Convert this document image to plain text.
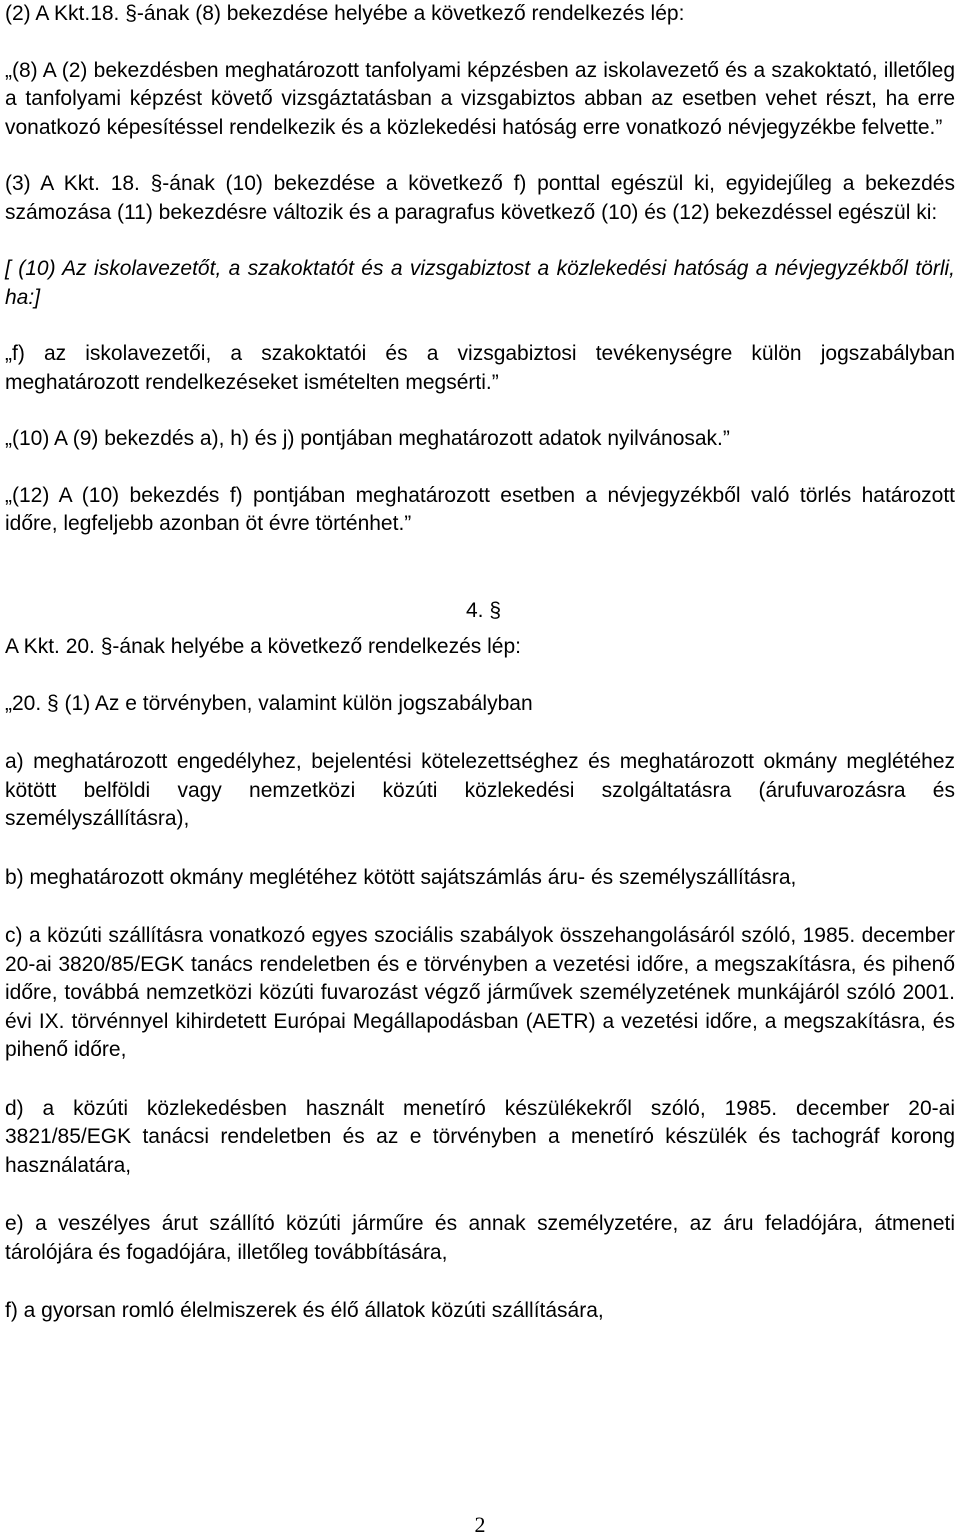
(2) A Kkt.18. §-ának (8) bekezdése helyébe a következő rendelkezés lép:

„(8) A (2) bekezdésben meghatározott tanfolyami képzésben az iskolavezető és a szakoktató, illetőleg a tanfolyami képzést követő vizsgáztatásban a vizsgabiztos abban az esetben vehet részt, ha erre vonatkozó képesítéssel rendelkezik és a közlekedési hatóság erre vonatkozó névjegyzékbe felvette.”

(3) A Kkt. 18. §-ának (10) bekezdése a következő f) ponttal egészül ki, egyidejűleg a bekezdés számozása (11) bekezdésre változik és a paragrafus következő (10) és (12) bekezdéssel egészül ki:

[ (10) Az iskolavezetőt, a szakoktatót és a vizsgabiztost a közlekedési hatóság a névjegyzékből törli, ha:]

„f) az iskolavezetői, a szakoktatói és a vizsgabiztosi tevékenységre külön jogszabályban meghatározott rendelkezéseket ismételten megsérti.”

„(10) A (9) bekezdés a), h) és j) pontjában meghatározott adatok nyilvánosak.”

„(12) A (10) bekezdés f) pontjában meghatározott esetben a névjegyzékből való törlés határozott időre, legfeljebb azonban öt évre történhet.”

4. §

A Kkt. 20. §-ának helyébe a következő rendelkezés lép:

„20. § (1) Az e törvényben, valamint külön jogszabályban

a) meghatározott engedélyhez, bejelentési kötelezettséghez és meghatározott okmány meglétéhez kötött belföldi vagy nemzetközi közúti közlekedési szolgáltatásra (árufuvarozásra és személyszállításra),

b) meghatározott okmány meglétéhez kötött sajátszámlás áru- és személyszállításra,

c) a közúti szállításra vonatkozó egyes szociális szabályok összehangolásáról szóló, 1985. december 20-ai 3820/85/EGK tanács rendeletben és e törvényben a vezetési időre, a megszakításra, és pihenő időre, továbbá nemzetközi közúti fuvarozást végző járművek személyzetének munkájáról szóló 2001. évi IX. törvénnyel kihirdetett Európai Megállapodásban (AETR) a vezetési időre, a megszakításra, és pihenő időre,

d) a közúti közlekedésben használt menetíró készülékekről szóló, 1985. december 20-ai 3821/85/EGK tanácsi rendeletben és az e törvényben a menetíró készülék és tachográf korong használatára,

e) a veszélyes árut szállító közúti járműre és annak személyzetére, az áru feladójára, átmeneti tárolójára és fogadójára, illetőleg továbbítására,

f) a gyorsan romló élelmiszerek és élő állatok közúti szállítására,

2
